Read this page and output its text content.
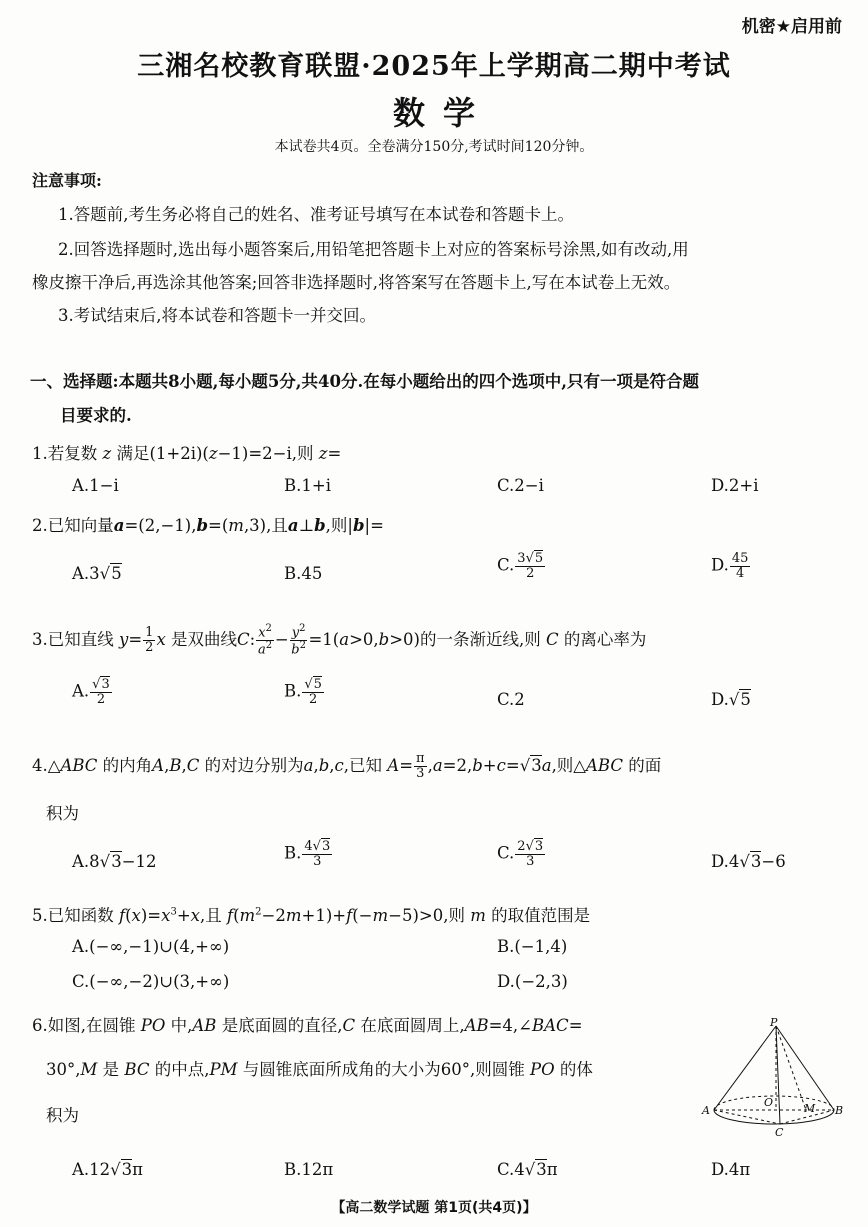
机密★启用前
三湘名校教育联盟·2025年上学期高二期中考试
数学
本试卷共4页。全卷满分150分,考试时间120分钟。
注意事项:
1.答题前,考生务必将自己的姓名、准考证号填写在本试卷和答题卡上。
2.回答选择题时,选出每小题答案后,用铅笔把答题卡上对应的答案标号涂黑,如有改动,用
橡皮擦干净后,再选涂其他答案;回答非选择题时,将答案写在答题卡上,写在本试卷上无效。
3.考试结束后,将本试卷和答题卡一并交回。
一、选择题:本题共8小题,每小题5分,共40分.在每小题给出的四个选项中,只有一项是符合题
目要求的.
1.若复数 z 满足(1+2i)(z−1)=2−i,则 z=
A.1−i	B.1+i	C.2−i	D.2+i
2.已知向量a=(2,−1),b=(m,3),且a⊥b,则|b|=
A.3√5	B.45	C. $\frac{3√5}{2}$	D. $\frac{45}{4}$
3.已知直线 $y= \frac{1}{2}$ x 是双曲线C: $\frac{x^2}{a^2} - \frac{y^2}{b^2} =1(a>0,b>0)$的一条渐近线,则 C 的离心率为
A. $\frac{√3}{2}$	B. $\frac{√5}{2}$	C.2	D.√5
4.△ABC 的内角A,B,C 的对边分别为a,b,c,已知 $A= \frac{\pi}{3} ,a=2,b+c=√3a$,则△ABC 的面
积为
A.8√3−12	B. $\frac{4√3}{3}$	C. $\frac{2√3}{3}$	D.4√3−6
5.已知函数 $f(x)=x^3+x$,且 $f(m^2-2m+1)+f(-m-5)>0$,则 m 的取值范围是
A.(−∞,−1)∪(4,+∞)	B.(−1,4)
C.(−∞,−2)∪(3,+∞)	D.(−2,3)
6.如图,在圆锥 PO 中,AB 是底面圆的直径,C 在底面圆周上,AB=4,∠BAC=
30°,M 是 BC 的中点,PM 与圆锥底面所成角的大小为60°,则圆锥 PO 的体
积为
P
A	B
C
O	M
A.12√3π	B.12π	C.4√3π	D.4π
【高二数学试题 第1页(共4页)】
